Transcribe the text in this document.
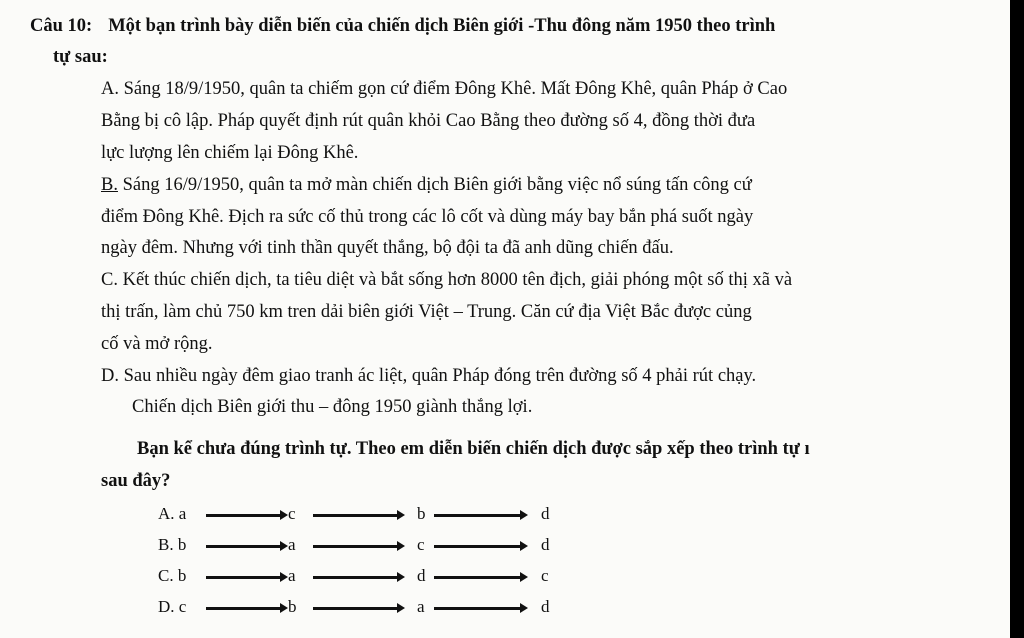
Câu 10: Một bạn trình bày diễn biến của chiến dịch Biên giới -Thu đông năm 1950 theo trình
tự sau:
A. Sáng 18/9/1950, quân ta chiếm gọn cứ điểm Đông Khê. Mất Đông Khê, quân Pháp ở Cao
Bằng bị cô lập. Pháp quyết định rút quân khỏi Cao Bằng theo đường số 4, đồng thời đưa
lực lượng lên chiếm lại Đông Khê.
B. Sáng 16/9/1950, quân ta mở màn chiến dịch Biên giới bằng việc nổ súng tấn công cứ
điểm Đông Khê. Địch ra sức cố thủ trong các lô cốt và dùng máy bay bắn phá suốt ngày
ngày đêm. Nhưng với tinh thần quyết thắng, bộ đội ta đã anh dũng chiến đấu.
C. Kết thúc chiến dịch, ta tiêu diệt và bắt sống hơn 8000 tên địch, giải phóng một số thị xã và
thị trấn, làm chủ 750 km tren dải biên giới Việt – Trung. Căn cứ địa Việt Bắc được củng
cố và mở rộng.
D. Sau nhiều ngày đêm giao tranh ác liệt, quân Pháp đóng trên đường số 4 phải rút chạy.
Chiến dịch Biên giới thu – đông 1950 giành thắng lợi.
Bạn kể chưa đúng trình tự. Theo em diễn biến chiến dịch được sắp xếp theo trình tự ı
sau đây?
A. a	c	b	d
B. b	a	c	d
C. b	a	d	c
D. c	b	a	d
